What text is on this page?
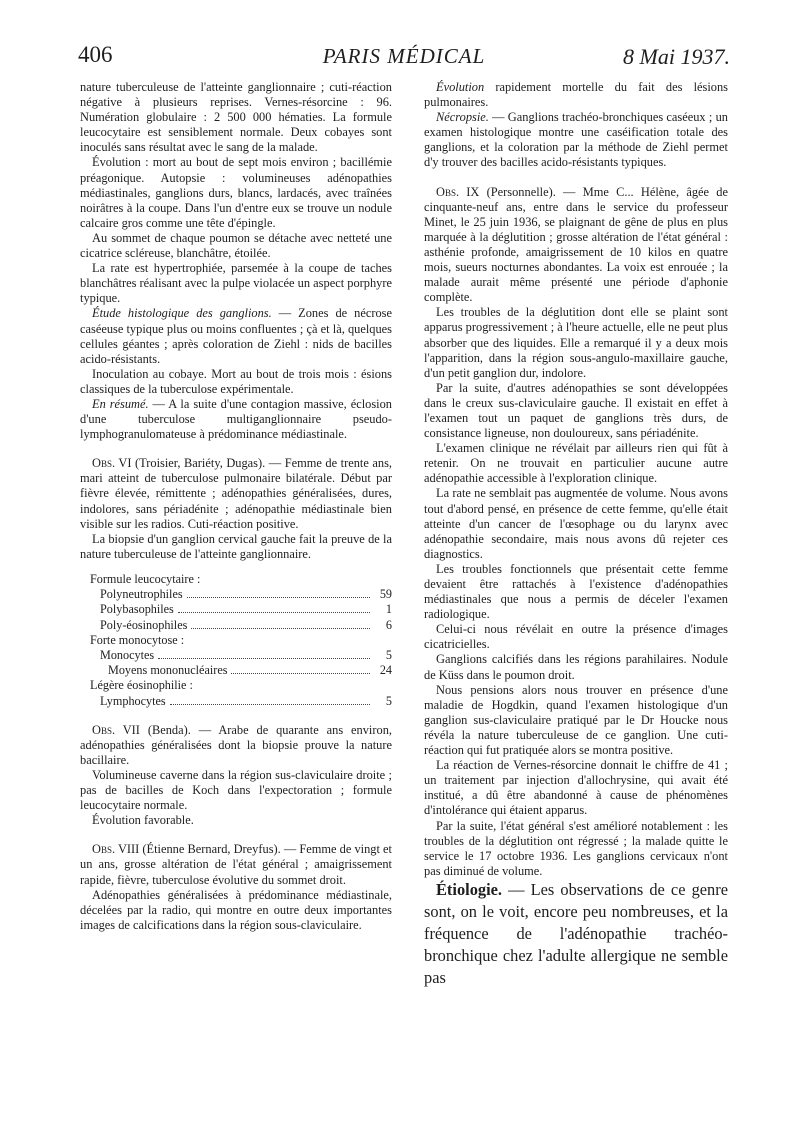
406	PARIS MÉDICAL	8 Mai 1937.

nature tuberculeuse de l'atteinte ganglionnaire ; cuti-réaction négative à plusieurs reprises. Vernes-résorcine : 96. Numération globulaire : 2 500 000 hématies. La formule leucocytaire est sensiblement normale. Deux cobayes sont inoculés sans résultat avec le sang de la malade.

Évolution : mort au bout de sept mois environ ; bacillémie préagonique. Autopsie : volumineuses adénopathies médiastinales, ganglions durs, blancs, lardacés, avec traînées noirâtres à la coupe. Dans l'un d'entre eux se trouve un nodule calcaire gros comme une tête d'épingle.

Au sommet de chaque poumon se détache avec netteté une cicatrice scléreuse, blanchâtre, étoilée.

La rate est hypertrophiée, parsemée à la coupe de taches blanchâtres réalisant avec la pulpe violacée un aspect porphyre typique.

Étude histologique des ganglions. — Zones de nécrose caséeuse typique plus ou moins confluentes ; çà et là, quelques cellules géantes ; après coloration de Ziehl : nids de bacilles acido-résistants.

Inoculation au cobaye. Mort au bout de trois mois : ésions classiques de la tuberculose expérimentale.

En résumé. — A la suite d'une contagion massive, éclosion d'une tuberculose multiganglionnaire pseudo-lymphogranulomateuse à prédominance médiastinale.

Obs. VI (Troisier, Bariéty, Dugas). — Femme de trente ans, mari atteint de tuberculose pulmonaire bilatérale. Début par fièvre élevée, rémittente ; adénopathies généralisées, dures, indolores, sans périadénite ; adénopathie médiastinale bien visible sur les radios. Cuti-réaction positive.

La biopsie d'un ganglion cervical gauche fait la preuve de la nature tuberculeuse de l'atteinte ganglionnaire.

Formule leucocytaire :
Polyneutrophiles	59
Polybasophiles	1
Poly-éosinophiles	6
Forte monocytose :
Monocytes	5
Moyens mononucléaires	24
Légère éosinophilie :
Lymphocytes	5

Obs. VII (Benda). — Arabe de quarante ans environ, adénopathies généralisées dont la biopsie prouve la nature bacillaire.

Volumineuse caverne dans la région sus-claviculaire droite ; pas de bacilles de Koch dans l'expectoration ; formule leucocytaire normale.

Évolution favorable.

Obs. VIII (Étienne Bernard, Dreyfus). — Femme de vingt et un ans, grosse altération de l'état général ; amaigrissement rapide, fièvre, tuberculose évolutive du sommet droit.

Adénopathies généralisées à prédominance médiastinale, décelées par la radio, qui montre en outre deux importantes images de calcifications dans la région sous-claviculaire.

Évolution rapidement mortelle du fait des lésions pulmonaires.

Nécropsie. — Ganglions trachéo-bronchiques caséeux ; un examen histologique montre une caséification totale des ganglions, et la coloration par la méthode de Ziehl permet d'y trouver des bacilles acido-résistants typiques.

Obs. IX (Personnelle). — Mme C... Hélène, âgée de cinquante-neuf ans, entre dans le service du professeur Minet, le 25 juin 1936, se plaignant de gêne de plus en plus marquée à la déglutition ; grosse altération de l'état général : asthénie profonde, amaigrissement de 10 kilos en quatre mois, sueurs nocturnes abondantes. La voix est enrouée ; la malade aurait même présenté une période d'aphonie complète.

Les troubles de la déglutition dont elle se plaint sont apparus progressivement ; à l'heure actuelle, elle ne peut plus absorber que des liquides. Elle a remarqué il y a deux mois l'apparition, dans la région sous-angulo-maxillaire gauche, d'un petit ganglion dur, indolore.

Par la suite, d'autres adénopathies se sont développées dans le creux sus-claviculaire gauche. Il existait en effet à l'examen tout un paquet de ganglions très durs, de consistance ligneuse, non douloureux, sans périadénite.

L'examen clinique ne révélait par ailleurs rien qui fût à retenir. On ne trouvait en particulier aucune autre adénopathie accessible à l'exploration clinique.

La rate ne semblait pas augmentée de volume. Nous avons tout d'abord pensé, en présence de cette femme, qu'elle était atteinte d'un cancer de l'œsophage ou du larynx avec adénopathie secondaire, mais nous avons dû rejeter ces diagnostics.

Les troubles fonctionnels que présentait cette femme devaient être rattachés à l'existence d'adénopathies médiastinales que nous a permis de déceler l'examen radiologique.

Celui-ci nous révélait en outre la présence d'images cicatricielles.

Ganglions calcifiés dans les régions parahilaires. Nodule de Küss dans le poumon droit.

Nous pensions alors nous trouver en présence d'une maladie de Hogdkin, quand l'examen histologique d'un ganglion sus-claviculaire pratiqué par le Dr Houcke nous révéla la nature tuberculeuse de ce ganglion. Une cuti-réaction qui fut pratiquée alors se montra positive.

La réaction de Vernes-résorcine donnait le chiffre de 41 ; un traitement par injection d'allochrysine, qui avait été institué, a dû être abandonné à cause de phénomènes d'intolérance qui étaient apparus.

Par la suite, l'état général s'est amélioré notablement : les troubles de la déglutition ont régressé ; la malade quitte le service le 17 octobre 1936. Les ganglions cervicaux n'ont pas diminué de volume.

Étiologie. — Les observations de ce genre sont, on le voit, encore peu nombreuses, et la fréquence de l'adénopathie trachéo-bronchique chez l'adulte allergique ne semble pas
